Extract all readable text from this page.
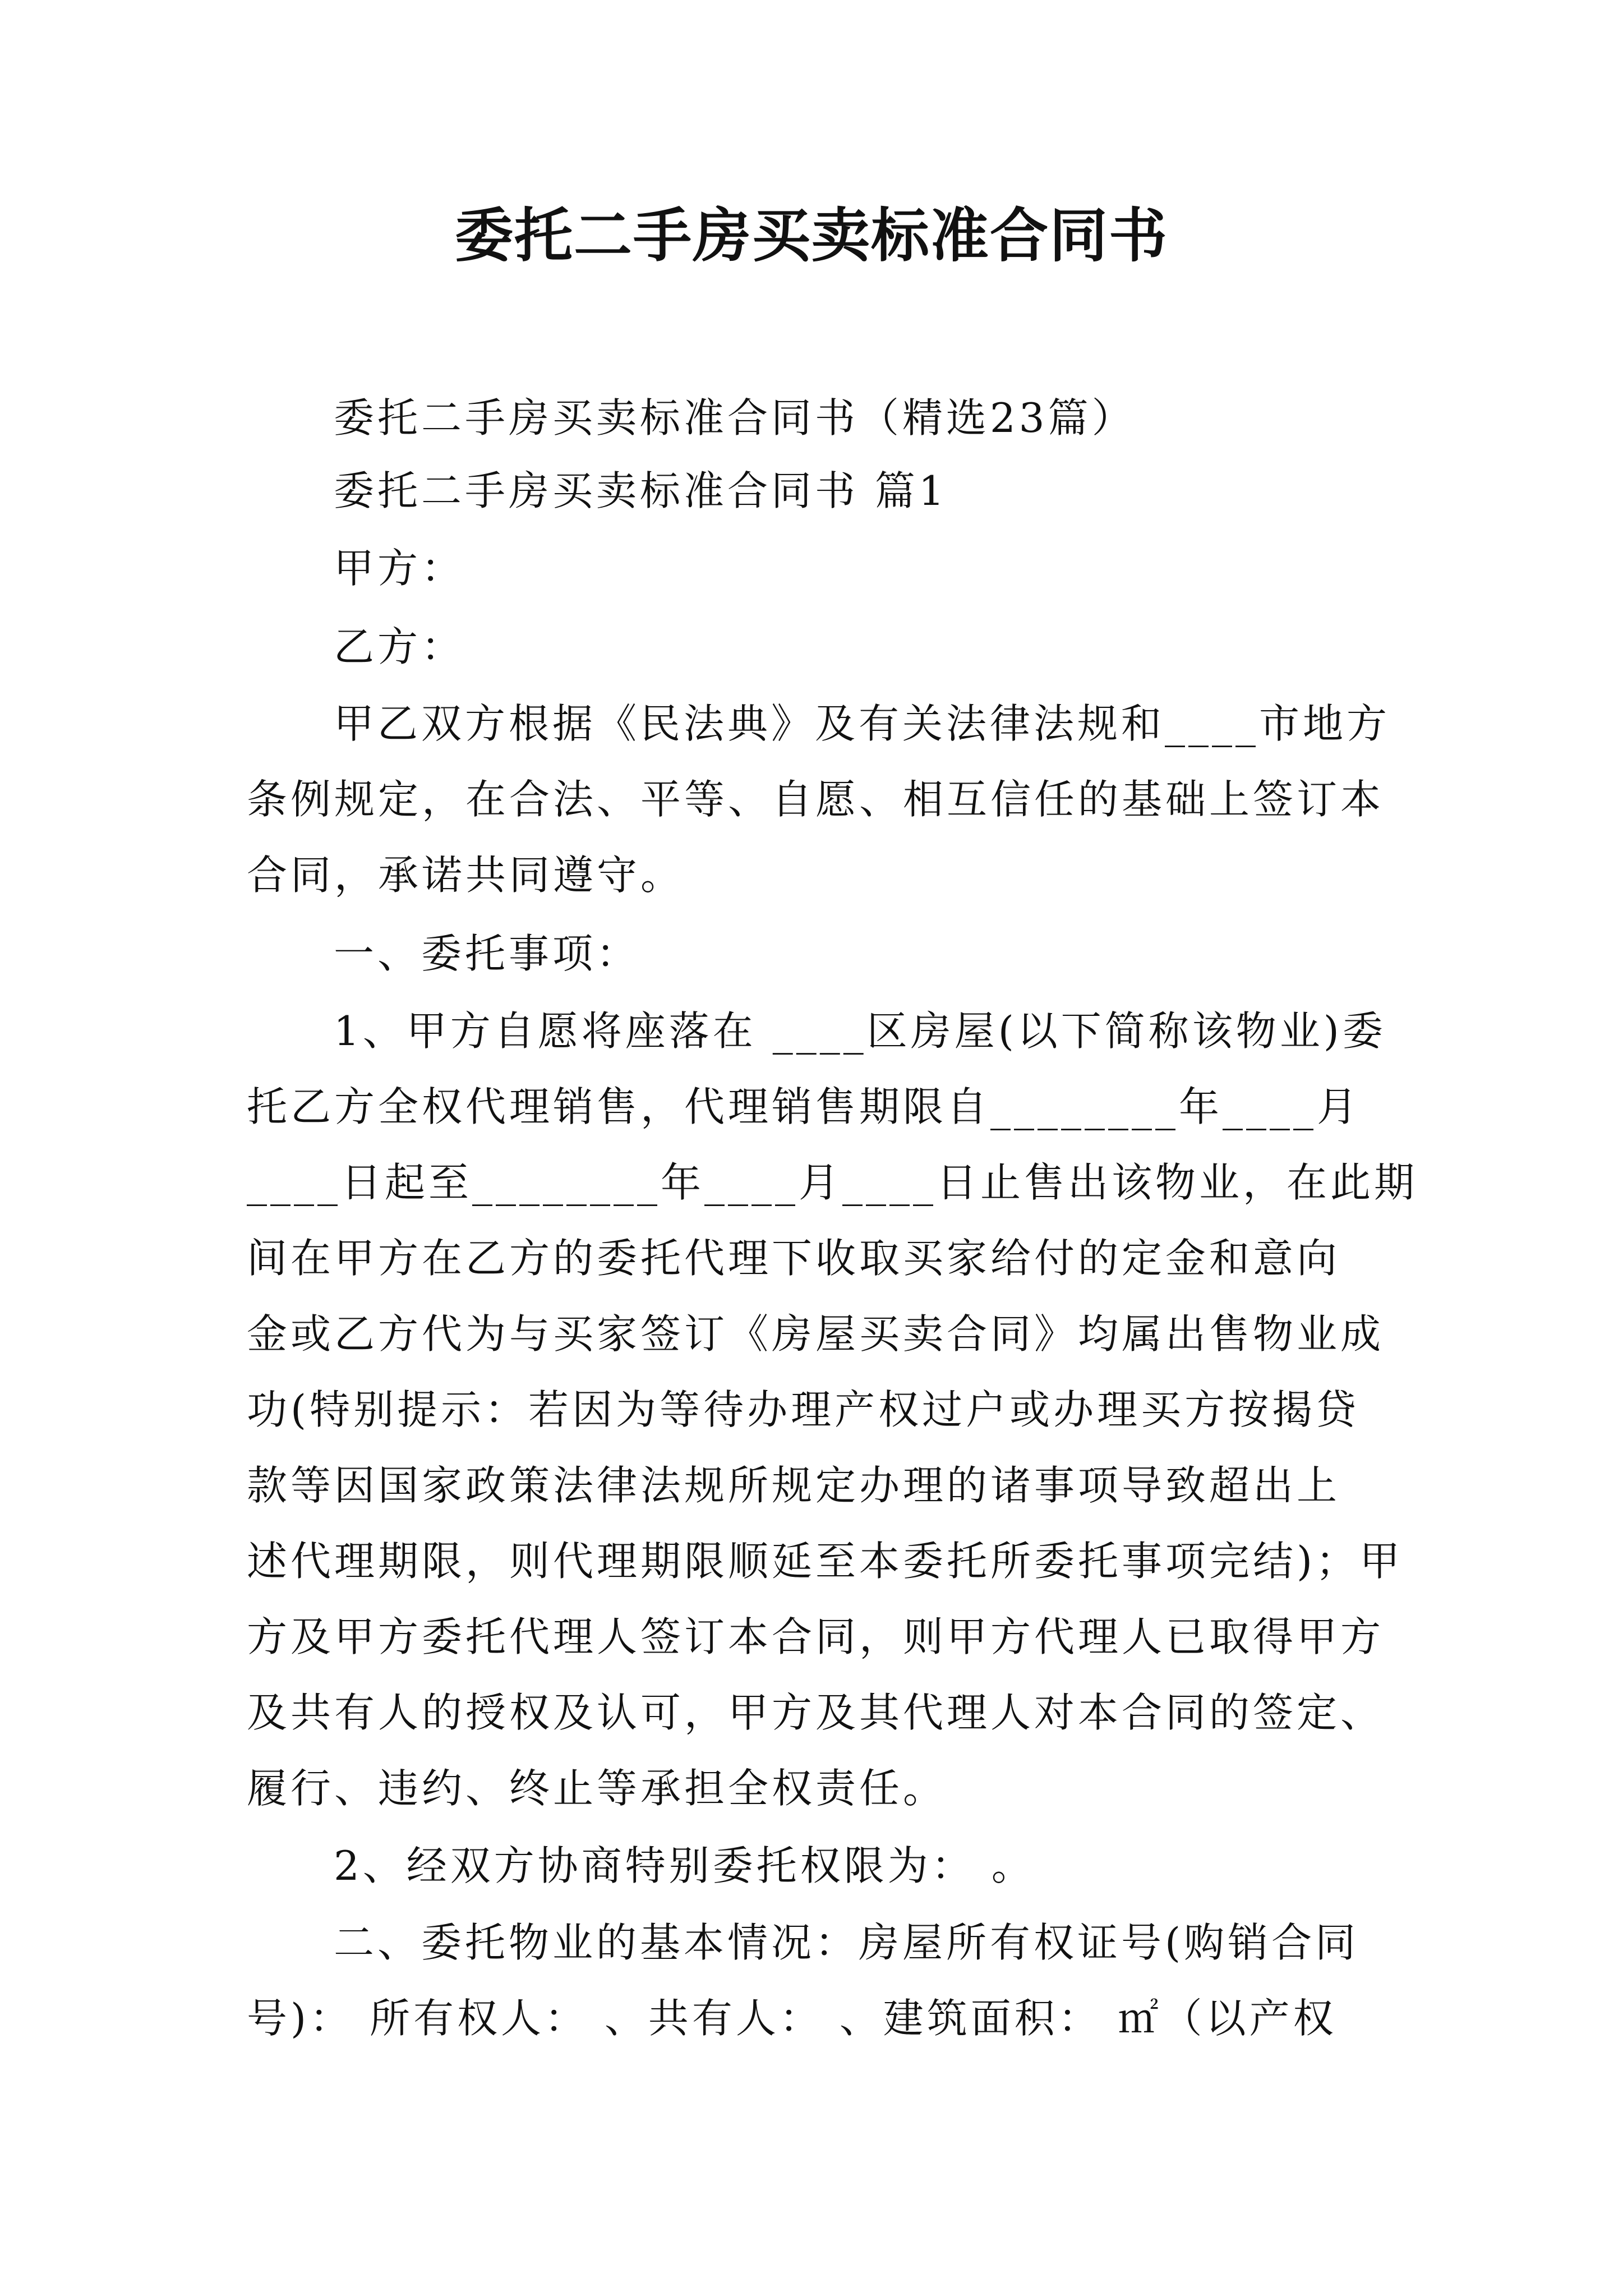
委托二手房买卖标准合同书
委托二手房买卖标准合同书（精选23篇）
委托二手房买卖标准合同书 篇1
甲方：
乙方：
甲乙双方根据《民法典》及有关法律法规和____市地方
条例规定，在合法、平等、自愿、相互信任的基础上签订本
合同，承诺共同遵守。
一、委托事项：
1、甲方自愿将座落在 ____区房屋(以下简称该物业)委
托乙方全权代理销售，代理销售期限自________年____月
____日起至________年____月____日止售出该物业，在此期
间在甲方在乙方的委托代理下收取买家给付的定金和意向
金或乙方代为与买家签订《房屋买卖合同》均属出售物业成
功(特别提示：若因为等待办理产权过户或办理买方按揭贷
款等因国家政策法律法规所规定办理的诸事项导致超出上
述代理期限，则代理期限顺延至本委托所委托事项完结)；甲
方及甲方委托代理人签订本合同，则甲方代理人已取得甲方
及共有人的授权及认可，甲方及其代理人对本合同的签定、
履行、违约、终止等承担全权责任。
2、经双方协商特别委托权限为： 。
二、委托物业的基本情况：房屋所有权证号(购销合同
号)： 所有权人： 、共有人： 、建筑面积： ㎡（以产权
